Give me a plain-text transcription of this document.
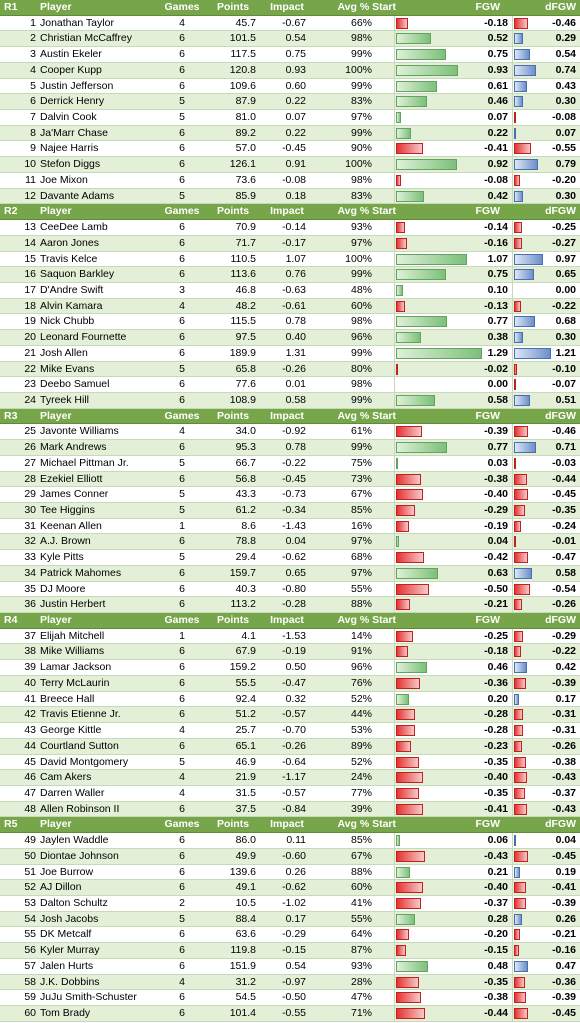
R1	Player	Games	Points	Impact	Avg % Start	FGW	dFGW
1 Jonathan Taylor	4	45.7	-0.67	66%	-0.18	-0.46
2 Christian McCaffrey	6	101.5	0.54	98%	0.52	0.29
3 Austin Ekeler	6	117.5	0.75	99%	0.75	0.54
4 Cooper Kupp	6	120.8	0.93	100%	0.93	0.74
5 Justin Jefferson	6	109.6	0.60	99%	0.61	0.43
6 Derrick Henry	5	87.9	0.22	83%	0.46	0.30
7 Dalvin Cook	5	81.0	0.07	97%	0.07	-0.08
8 Ja'Marr Chase	6	89.2	0.22	99%	0.22	0.07
9 Najee Harris	6	57.0	-0.45	90%	-0.41	-0.55
10 Stefon Diggs	6	126.1	0.91	100%	0.92	0.79
11 Joe Mixon	6	73.6	-0.08	98%	-0.08	-0.20
12 Davante Adams	5	85.9	0.18	83%	0.42	0.30
R2	Player	Games	Points	Impact	Avg % Start	FGW	dFGW
13 CeeDee Lamb	6	70.9	-0.14	93%	-0.14	-0.25
14 Aaron Jones	6	71.7	-0.17	97%	-0.16	-0.27
15 Travis Kelce	6	110.5	1.07	100%	1.07	0.97
16 Saquon Barkley	6	113.6	0.76	99%	0.75	0.65
17 D'Andre Swift	3	46.8	-0.63	48%	0.10	0.00
18 Alvin Kamara	4	48.2	-0.61	60%	-0.13	-0.22
19 Nick Chubb	6	115.5	0.78	98%	0.77	0.68
20 Leonard Fournette	6	97.5	0.40	96%	0.38	0.30
21 Josh Allen	6	189.9	1.31	99%	1.29	1.21
22 Mike Evans	5	65.8	-0.26	80%	-0.02	-0.10
23 Deebo Samuel	6	77.6	0.01	98%	0.00	-0.07
24 Tyreek Hill	6	108.9	0.58	99%	0.58	0.51
R3	Player	Games	Points	Impact	Avg % Start	FGW	dFGW
25 Javonte Williams	4	34.0	-0.92	61%	-0.39	-0.46
26 Mark Andrews	6	95.3	0.78	99%	0.77	0.71
27 Michael Pittman Jr.	5	66.7	-0.22	75%	0.03	-0.03
28 Ezekiel Elliott	6	56.8	-0.45	73%	-0.38	-0.44
29 James Conner	5	43.3	-0.73	67%	-0.40	-0.45
30 Tee Higgins	5	61.2	-0.34	85%	-0.29	-0.35
31 Keenan Allen	1	8.6	-1.43	16%	-0.19	-0.24
32 A.J. Brown	6	78.8	0.04	97%	0.04	-0.01
33 Kyle Pitts	5	29.4	-0.62	68%	-0.42	-0.47
34 Patrick Mahomes	6	159.7	0.65	97%	0.63	0.58
35 DJ Moore	6	40.3	-0.80	55%	-0.50	-0.54
36 Justin Herbert	6	113.2	-0.28	88%	-0.21	-0.26
R4	Player	Games	Points	Impact	Avg % Start	FGW	dFGW
37 Elijah Mitchell	1	4.1	-1.53	14%	-0.25	-0.29
38 Mike Williams	6	67.9	-0.19	91%	-0.18	-0.22
39 Lamar Jackson	6	159.2	0.50	96%	0.46	0.42
40 Terry McLaurin	6	55.5	-0.47	76%	-0.36	-0.39
41 Breece Hall	6	92.4	0.32	52%	0.20	0.17
42 Travis Etienne Jr.	6	51.2	-0.57	44%	-0.28	-0.31
43 George Kittle	4	25.7	-0.70	53%	-0.28	-0.31
44 Courtland Sutton	6	65.1	-0.26	89%	-0.23	-0.26
45 David Montgomery	5	46.9	-0.64	52%	-0.35	-0.38
46 Cam Akers	4	21.9	-1.17	24%	-0.40	-0.43
47 Darren Waller	4	31.5	-0.57	77%	-0.35	-0.37
48 Allen Robinson II	6	37.5	-0.84	39%	-0.41	-0.43
R5	Player	Games	Points	Impact	Avg % Start	FGW	dFGW
49 Jaylen Waddle	6	86.0	0.11	85%	0.06	0.04
50 Diontae Johnson	6	49.9	-0.60	67%	-0.43	-0.45
51 Joe Burrow	6	139.6	0.26	88%	0.21	0.19
52 AJ Dillon	6	49.1	-0.62	60%	-0.40	-0.41
53 Dalton Schultz	2	10.5	-1.02	41%	-0.37	-0.39
54 Josh Jacobs	5	88.4	0.17	55%	0.28	0.26
55 DK Metcalf	6	63.6	-0.29	64%	-0.20	-0.21
56 Kyler Murray	6	119.8	-0.15	87%	-0.15	-0.16
57 Jalen Hurts	6	151.9	0.54	93%	0.48	0.47
58 J.K. Dobbins	4	31.2	-0.97	28%	-0.35	-0.36
59 JuJu Smith-Schuster	6	54.5	-0.50	47%	-0.38	-0.39
60 Tom Brady	6	101.4	-0.55	71%	-0.44	-0.45
